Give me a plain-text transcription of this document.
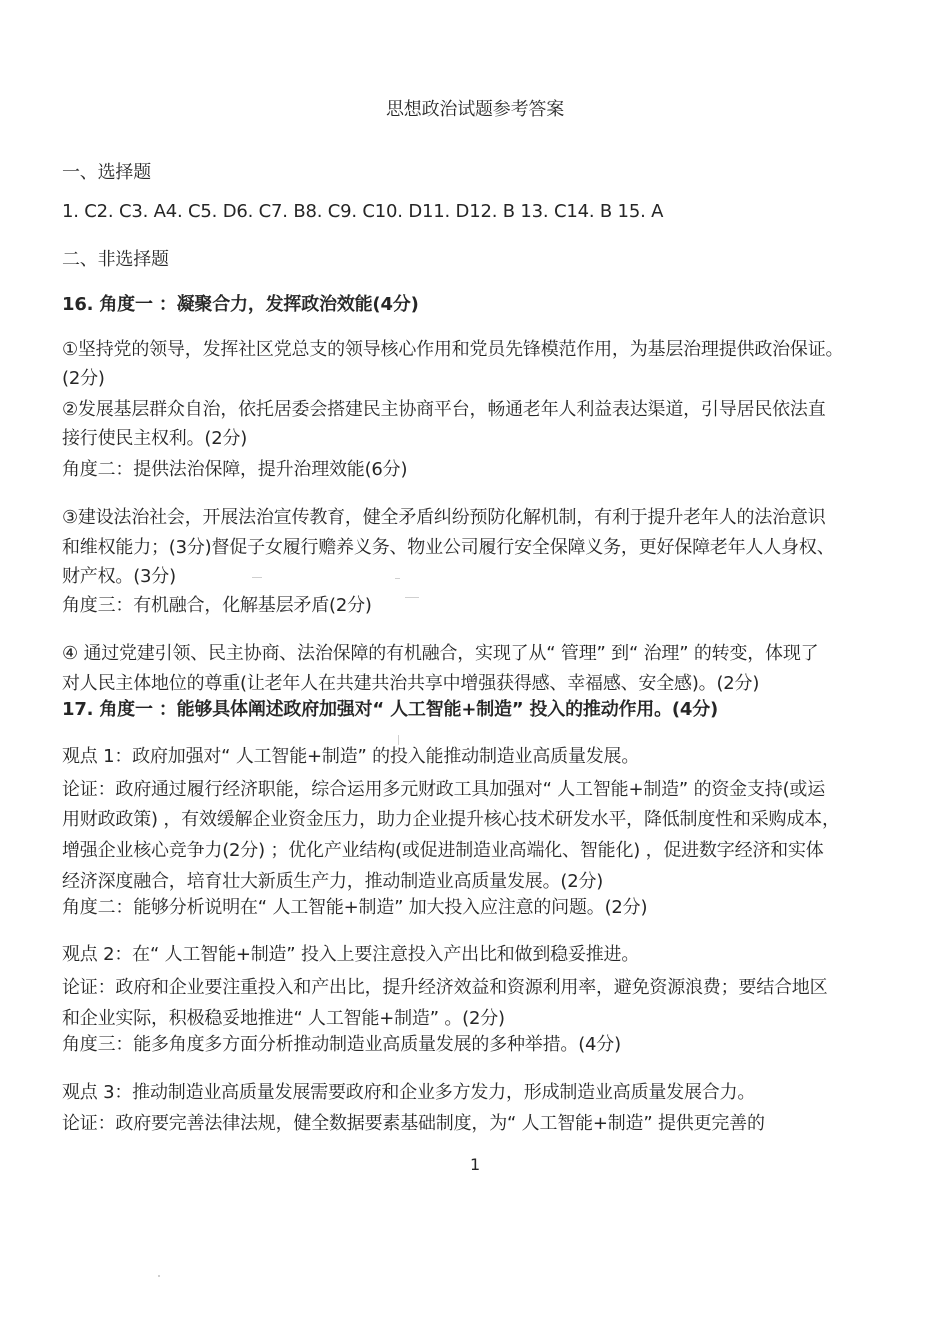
思想政治试题参考答案
一、选择题
1. C2. C3. A4. C5. D6. C7. B8. C9. C10. D11. D12. B 13. C14. B 15. A
二、非选择题
16. 角度一 ：凝聚合力，发挥政治效能(4分)
①坚持党的领导，发挥社区党总支的领导核心作用和党员先锋模范作用，为基层治理提供政治保证。
(2分)
②发展基层群众自治，依托居委会搭建民主协商平台，畅通老年人利益表达渠道，引导居民依法直
接行使民主权利。(2分)
角度二：提供法治保障，提升治理效能(6分)
③建设法治社会，开展法治宣传教育，健全矛盾纠纷预防化解机制，有利于提升老年人的法治意识
和维权能力；(3分)督促子女履行赡养义务、物业公司履行安全保障义务，更好保障老年人人身权、
财产权。(3分)
角度三：有机融合，化解基层矛盾(2分)
④ 通过党建引领、民主协商、法治保障的有机融合，实现了从“ 管理” 到“ 治理” 的转变，体现了
对人民主体地位的尊重(让老年人在共建共治共享中增强获得感、幸福感、安全感)。(2分)
17. 角度一 ：能够具体阐述政府加强对“ 人工智能+制造” 投入的推动作用。(4分)
观点 1：政府加强对“ 人工智能+制造” 的投入能推动制造业高质量发展。
论证：政府通过履行经济职能，综合运用多元财政工具加强对“ 人工智能+制造” 的资金支持(或运
用财政政策) ，有效缓解企业资金压力，助力企业提升核心技术研发水平，降低制度性和采购成本，
增强企业核心竞争力(2分) ；优化产业结构(或促进制造业高端化、智能化) ，促进数字经济和实体
经济深度融合，培育壮大新质生产力，推动制造业高质量发展。(2分)
角度二：能够分析说明在“ 人工智能+制造” 加大投入应注意的问题。(2分)
观点 2：在“ 人工智能+制造” 投入上要注意投入产出比和做到稳妥推进。
论证：政府和企业要注重投入和产出比，提升经济效益和资源利用率，避免资源浪费；要结合地区
和企业实际，积极稳妥地推进“ 人工智能+制造” 。(2分)
角度三：能多角度多方面分析推动制造业高质量发展的多种举措。(4分)
观点 3：推动制造业高质量发展需要政府和企业多方发力，形成制造业高质量发展合力。
论证：政府要完善法律法规，健全数据要素基础制度，为“ 人工智能+制造” 提供更完善的
1
